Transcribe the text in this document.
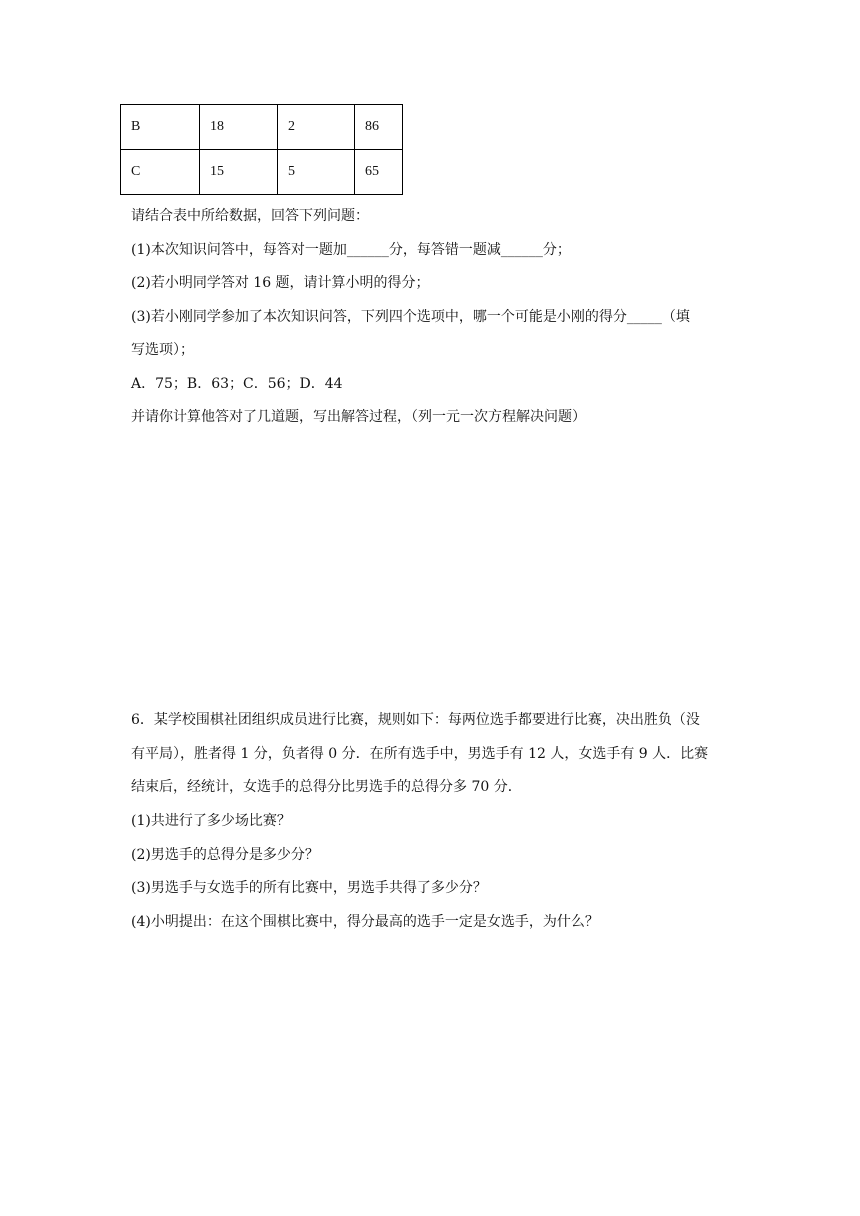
B	18	2	86
C	15	5	65
请结合表中所给数据，回答下列问题：
(1)本次知识问答中，每答对一题加______分，每答错一题减______分；
(2)若小明同学答对 16 题，请计算小明的得分；
(3)若小刚同学参加了本次知识问答，下列四个选项中，哪一个可能是小刚的得分_____（填
写选项）；
A．75；B．63；C．56；D．44
并请你计算他答对了几道题，写出解答过程，（列一元一次方程解决问题）
6．某学校围棋社团组织成员进行比赛，规则如下：每两位选手都要进行比赛，决出胜负（没
有平局），胜者得 1 分，负者得 0 分．在所有选手中，男选手有 12 人，女选手有 9 人．比赛
结束后，经统计，女选手的总得分比男选手的总得分多 70 分．
(1)共进行了多少场比赛？
(2)男选手的总得分是多少分？
(3)男选手与女选手的所有比赛中，男选手共得了多少分？
(4)小明提出：在这个围棋比赛中，得分最高的选手一定是女选手，为什么？
